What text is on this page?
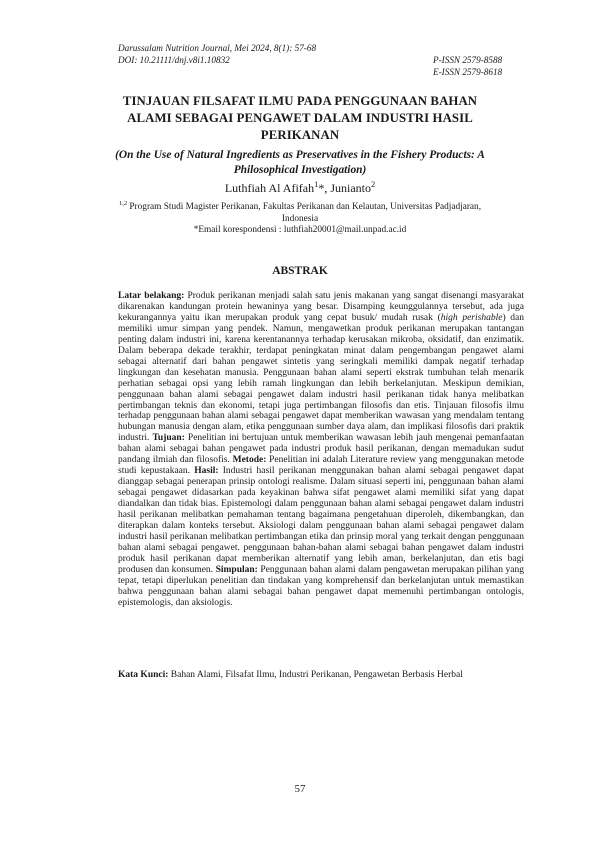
Darussalam Nutrition Journal, Mei 2024, 8(1): 57-68
DOI: 10.21111/dnj.v8i1.10832	P-ISSN 2579-8588
E-ISSN 2579-8618
TINJAUAN FILSAFAT ILMU PADA PENGGUNAAN BAHAN ALAMI SEBAGAI PENGAWET DALAM INDUSTRI HASIL PERIKANAN
(On the Use of Natural Ingredients as Preservatives in the Fishery Products: A Philosophical Investigation)
Luthfiah Al Afifah$^1$*, Junianto$^2$
$^{1,2}$ Program Studi Magister Perikanan, Fakultas Perikanan dan Kelautan, Universitas Padjadjaran,
Indonesia
*Email korespondensi : luthfiah20001@mail.unpad.ac.id
ABSTRAK
Latar belakang: Produk perikanan menjadi salah satu jenis makanan yang sangat disenangi masyarakat dikarenakan kandungan protein hewaninya yang besar. Disamping keunggulannya tersebut, ada juga kekurangannya yaitu ikan merupakan produk yang cepat busuk/ mudah rusak (high perishable) dan memiliki umur simpan yang pendek. Namun, mengawetkan produk perikanan merupakan tantangan penting dalam industri ini, karena kerentanannya terhadap kerusakan mikroba, oksidatif, dan enzimatik. Dalam beberapa dekade terakhir, terdapat peningkatan minat dalam pengembangan pengawet alami sebagai alternatif dari bahan pengawet sintetis yang seringkali memiliki dampak negatif terhadap lingkungan dan kesehatan manusia. Penggunaan bahan alami seperti ekstrak tumbuhan telah menarik perhatian sebagai opsi yang lebih ramah lingkungan dan lebih berkelanjutan. Meskipun demikian, penggunaan bahan alami sebagai pengawet dalam industri hasil perikanan tidak hanya melibatkan pertimbangan teknis dan ekonomi, tetapi juga pertimbangan filosofis dan etis. Tinjauan filosofis ilmu terhadap penggunaan bahan alami sebagai pengawet dapat memberikan wawasan yang mendalam tentang hubungan manusia dengan alam, etika penggunaan sumber daya alam, dan implikasi filosofis dari praktik industri. Tujuan: Penelitian ini bertujuan untuk memberikan wawasan lebih jauh mengenai pemanfaatan bahan alami sebagai bahan pengawet pada industri produk hasil perikanan, dengan memadukan sudut pandang ilmiah dan filosofis. Metode: Penelitian ini adalah Literature review yang menggunakan metode studi kepustakaan. Hasil: Industri hasil perikanan menggunakan bahan alami sebagai pengawet dapat dianggap sebagai penerapan prinsip ontologi realisme. Dalam situasi seperti ini, penggunaan bahan alami sebagai pengawet didasarkan pada keyakinan bahwa sifat pengawet alami memiliki sifat yang dapat diandalkan dan tidak bias. Epistemologi dalam penggunaan bahan alami sebagai pengawet dalam industri hasil perikanan melibatkan pemahaman tentang bagaimana pengetahuan diperoleh, dikembangkan, dan diterapkan dalam konteks tersebut. Aksiologi dalam penggunaan bahan alami sebagai pengawet dalam industri hasil perikanan melibatkan pertimbangan etika dan prinsip moral yang terkait dengan penggunaan bahan alami sebagai pengawet. penggunaan bahan-bahan alami sebagai bahan pengawet dalam industri produk hasil perikanan dapat memberikan alternatif yang lebih aman, berkelanjutan, dan etis bagi produsen dan konsumen. Simpulan: Penggunaan bahan alami dalam pengawetan merupakan pilihan yang tepat, tetapi diperlukan penelitian dan tindakan yang komprehensif dan berkelanjutan untuk memastikan bahwa penggunaan bahan alami sebagai bahan pengawet dapat memenuhi pertimbangan ontologis, epistemologis, dan aksiologis.
Kata Kunci: Bahan Alami, Filsafat Ilmu, Industri Perikanan, Pengawetan Berbasis Herbal
57
